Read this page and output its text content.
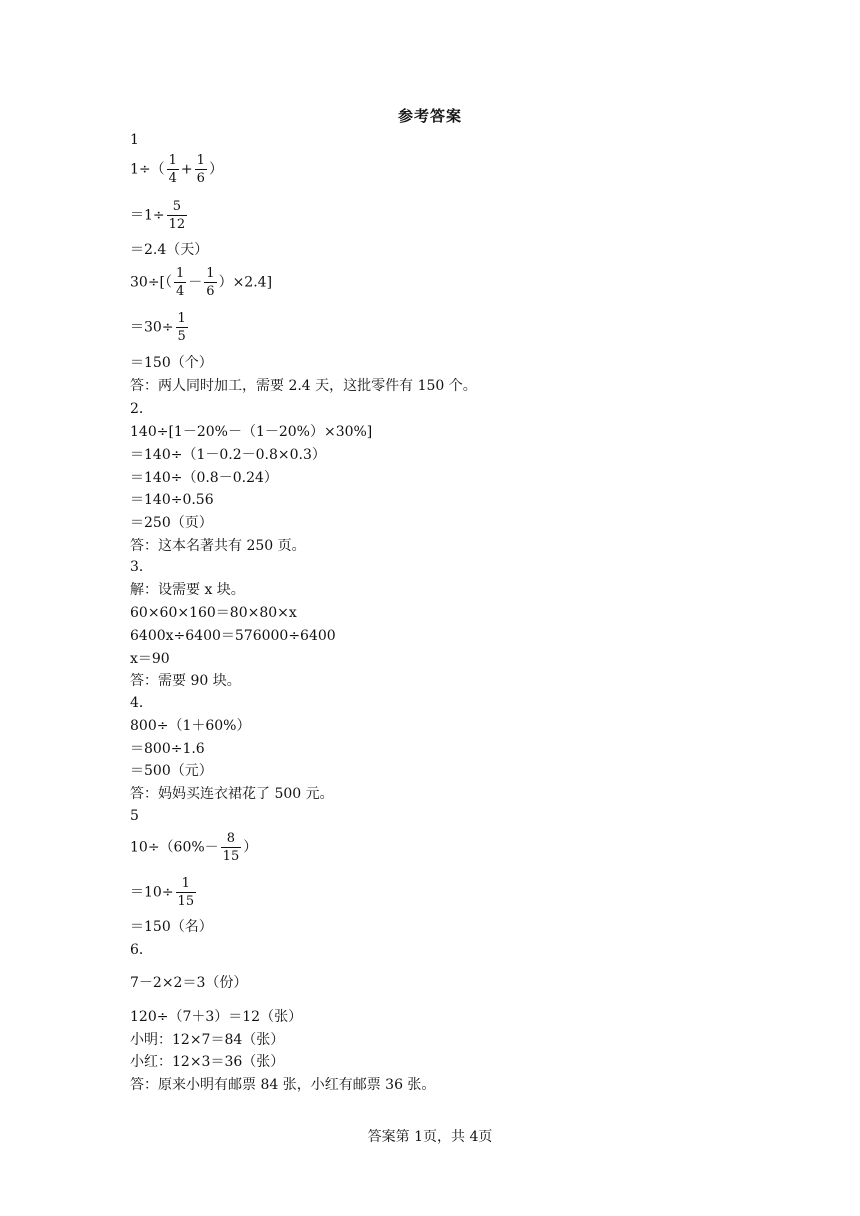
参考答案
1
$1\div( \frac{1}{4} + \frac{1}{6}$ ）
$=1\div \frac{5}{12}$
＝2.4（天）
$30\div[( \frac{1}{4} - \frac{1}{6} )\times 2.4]$
$=30\div \frac{1}{5}$
＝150（个）
答：两人同时加工，需要 2.4 天，这批零件有 150 个。
2．
140÷[1－20%－（1－20%）×30%]
＝140÷（1－0.2－0.8×0.3）
＝140÷（0.8－0.24）
＝140÷0.56
＝250（页）
答：这本名著共有 250 页。
3．
解：设需要 x 块。
60×60×160＝80×80×x
6400x÷6400＝576000÷6400
x＝90
答：需要 90 块。
4．
800÷（1＋60%）
＝800÷1.6
＝500（元）
答：妈妈买连衣裙花了 500 元。
5
$10\div(60\%- \frac{8}{15}$ ）
$=10\div \frac{1}{15}$
＝150（名）
6．
7－2×2＝3（份）
120÷（7＋3）＝12（张）
小明：12×7＝84（张）
小红：12×3＝36（张）
答：原来小明有邮票 84 张，小红有邮票 36 张。
答案第 1页，共 4页
